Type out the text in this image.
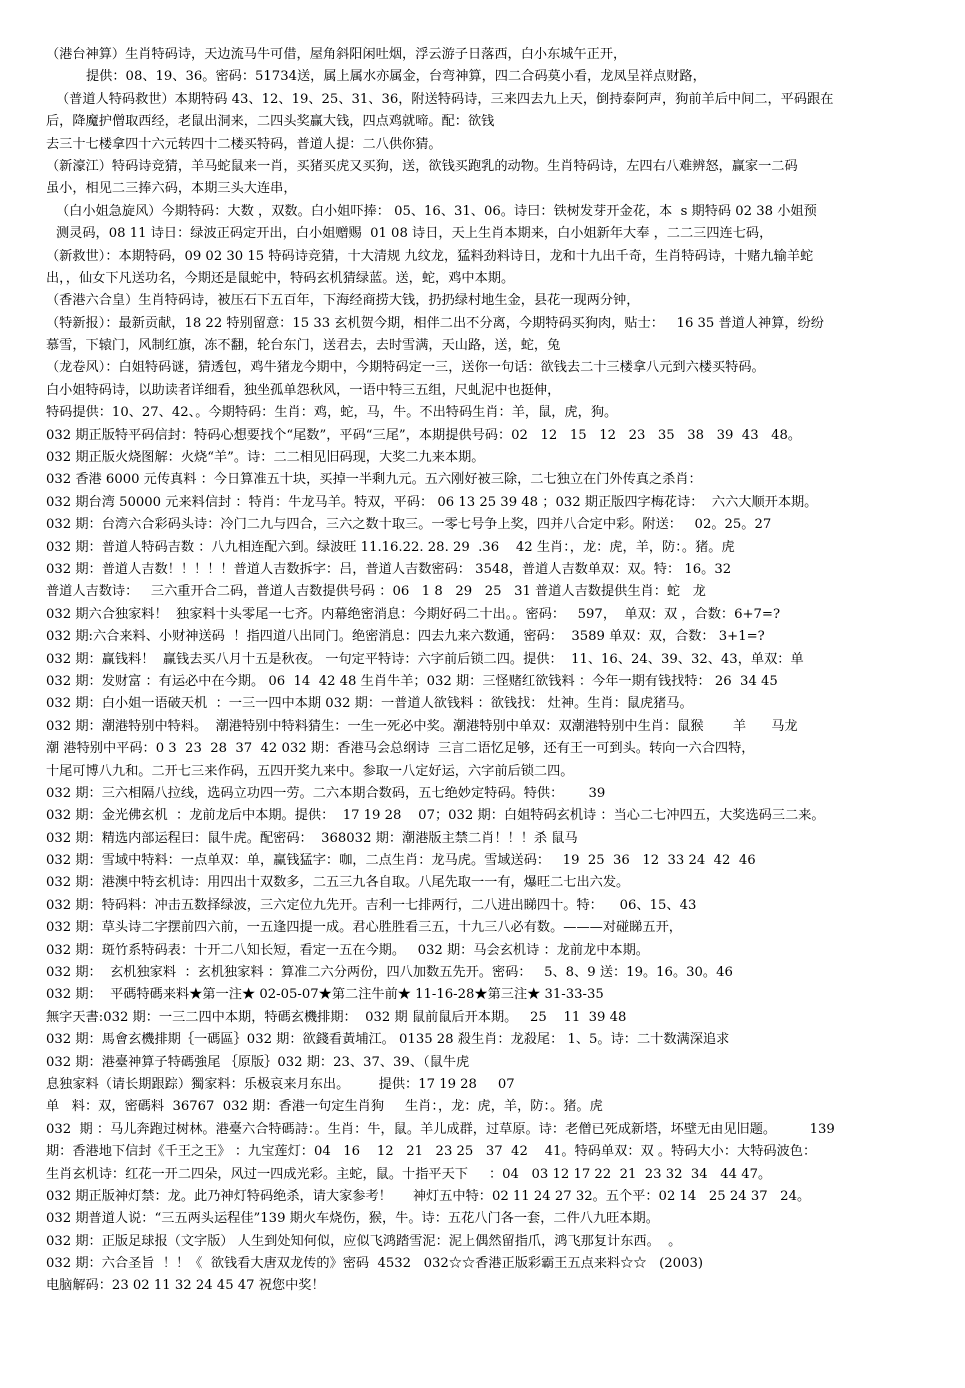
（港台神算）生肖特码诗，天边流马牛可借，屋角斜阳闲吐烟，浮云游子日落西，白小东城午正开，
提供：08、19、36。密码：51734送，属上属水亦属金，台弯神算，四二合码莫小看，龙凤呈祥点财路，
（普道人特码救世）本期特码 43、12、19、25、31、36，附送特码诗，三来四去九上天，倒持泰阿声，狗前羊后中间二，平码跟在
后，降魔护僧取西经，老鼠出洞来，二四头奖赢大钱，四点鸡就啼。配：欲钱
去三十七楼拿四十六元转四十二楼买特码，普道人提：二八供你猜。
（新濠江）特码诗竞猜，羊马蛇鼠来一肖，买猪买虎又买狗，送，欲钱买跑乳的动物。生肖特码诗，左四右八难辨怒，赢家一二码
虽小，相见二三捧六码，本期三头大连串，
（白小姐急旋风）今期特码：大数 ，双数。白小姐吓捧： 05、16、31、06。诗曰：铁树发芽开金花，本  s 期特码 02 38 小姐预
测灵码，08 11 诗日：绿波正码定开出，白小姐赠赐  01 08 诗日，天上生肖本期来，白小姐新年大奉 ，二二三四连七码，
（新救世）：本期特码，09 02 30 15 特码诗竞猜，十大清规 九纹龙，猛料劲料诗日，龙和十九出千奇，生肖特码诗，十赌九输羊蛇
出，，仙女下凡送功名，今期还是鼠蛇中，特码玄机猜绿蓝。送，蛇，鸡中本期。
（香港六合皇）生肖特码诗，被压石下五百年，下海经商捞大钱，扔扔绿村地生金，县花一现两分钟，
（特新报）：最新贡献，18 22 特别留意：15 33 玄机贺今期，相伴二出不分离，今期特码买狗肉，贴士：   16 35 普道人神算，纷纷
慕雪，下辕门，风制红旗，冻不翻，轮台东门，送君去，去时雪满，天山路，送，蛇，兔
（龙卷风）：白姐特码谜，猜透包，鸡牛猪龙今期中，今期特码定一三，送你一句话：欲钱去二十三楼拿八元到六楼买特码。
白小姐特码诗，以助读者详细看，独坐孤单怨秋风，一语中特三五组，尺虬泥中也挺伸，
特码提供：10、27、42、。今期特码：生肖：鸡，蛇，马，牛。不出特码生肖：羊，鼠，虎，狗。
032 期正版特平码信封：特码心想要找个“尾数”，平码“三尾”，本期提供号码：02   12   15   12   23   35   38   39  43   48。
032 期正版火烧图解：火烧“羊”。诗：二二相见旧码现，大奖二九来本期。
032 香港 6000 元传真料 ：今日算准五十块，买掉一半剩九元。五六刚好被三除，二七独立在门外传真之杀肖：
032 期台湾 50000 元来料信封 ：特肖：牛龙马羊。特双，平码： 06 13 25 39 48 ；032 期正版四字梅花诗：  六六大顺开本期。
032 期：台湾六合彩码头诗：冷门二九与四合，三六之数十取三。一零七号争上奖，四并八合定中彩。附送：   02。25。27
032 期：普道人特码吉数 ：八九相连配六到。绿波旺 11.16.22. 28. 29  .36    42 生肖：，龙：虎，羊，防：。猪。虎
032 期：普道人吉数！！！！！普道人吉数拆字：吕，普道人吉数密码： 3548，普道人吉数单双：双。特： 16。32
普道人吉数诗：   三六重开合二码，普道人吉数提供号码 ：06   1 8   29   25   31 普道人吉数提供生肖：蛇   龙
032 期六合独家料！  独家料十头零尾一七齐。内幕绝密消息：今期好码二十出。。密码：   597，  单双：双 ，合数：6+7=?
032 期:六合来料、小财神送码  ！指四道八出同门。绝密消息：四去九来六数通，密码：  3589 单双：双，合数： 3+1=?
032 期：赢钱料！  赢钱去买八月十五是秋夜。 一句定平特诗：六字前后锁二四。提供：  11、16、24、39、32、43，单双：单
032 期：发财富 ：有运必中在今期。 06  14  42 48 生肖牛羊；032 期：三怪赌红欲钱料 ：今年一期有钱找特： 26  34 45
032 期：白小姐一语破天机  ：一三一四中本期 032 期：一普道人欲钱料 ：欲钱找： 灶神。生肖：鼠虎猪马。
032 期：潮港特别中特料。  潮港特别中特料猜生：一生一死必中奖。潮港特别中单双：双潮港特别中生肖：鼠猴       羊      马龙
潮 港特别中平码：0 3  23  28  37  42 032 期：香港马会总纲诗  三言二语忆足够，还有王一可到头。转向一六合四特，
十尾可博八九和。二开七三来作码，五四开奖九来中。参取一八定好运，六字前后锁二四。
032 期：三六相隔八拉线，选码立功四一劳。二六本期合数码，五七绝妙定特码。特供：      39
032 期：金光佛玄机  ：龙前龙后中本期。提供：  17 19 28    07；032 期：白姐特码玄机诗 ：当心二七冲四五，大奖选码三二来。
032 期：精选内部运程曰：鼠牛虎。配密码：  368032 期：潮港版主禁二肖！！！杀 鼠马
032 期：雪域中特料：一点单双：单，赢钱猛字：咖，二点生肖：龙马虎。雪域送码：   19  25  36   12  33 24  42  46
032 期：港澳中特玄机诗：用四出十双数多，二五三九各自取。八尾先取一一有，爆旺二七出六发。
032 期：特码料：冲击五数择绿波，三六定位九先开。吉利一七排两行，二八进出睇四十。特：    06、15、43
032 期：草头诗二字摆前四六前，一五逢四提一成。君心胜胜看三五，十九三八必有数。———对碰睇五开，
032 期：斑竹系特码表：十开二八知长短，看定一五在今期。   032 期：马会玄机诗 ：龙前龙中本期。
032 期：  玄机独家料  ：玄机独家料 ：算准二六分两份，四八加数五先开。密码：   5、8、9 送：19。16。30。46
032 期：  平碼特碼来料★第一注★ 02-05-07★第二注牛前★ 11-16-28★第三注★ 31-33-35
無字天書:032 期：一三二四中本期，特碼玄機排期：  032 期 鼠前鼠后开本期。   25    11  39 48
032 期：馬會玄機排期｛一碼區｝032 期：欲錢看黃埔江。 0135 28 殺生肖：龙殺尾： 1、5。诗：二十数满深追求
032 期：港臺神算子特碼強尾 ｛原版｝032 期：23、37、39、（鼠牛虎
息独家料（请长期跟踪）獨家料：乐极哀来月东出。       提供：17 19 28     07
单   料：双，密碼料  36767  032 期：香港一句定生肖狗     生肖：，龙：虎，羊，防：。猪。虎
032  期 ：马儿奔跑过树林。港臺六合特碼詩：。生肖：牛，鼠。羊儿成群，过草原。诗：老僧已死成新塔，坏壁无由见旧题。        139
期：香港地下信封《千王之王》 ：九宝莲灯：04   16    12   21   23 25   37  42    41。特码单双：双 。特码大小：大特码波色：
生肖玄机诗：红花一开二四朵，风过一四成光彩。主蛇，鼠。十指平天下     ：04   03 12 17 22  21  23 32  34   44 47。
032 期正版神灯禁：龙。此乃神灯特码绝杀，请大家参考！     神灯五中特：02 11 24 27 32。五个平：02 14   25 24 37   24。
032 期普道人说：“三五两头运程佳”139 期火车烧伤，猴，牛。诗：五花八门各一套，二件八九旺本期。
032 期：正版足球报（文字版） 人生到处知何似，应似飞鸿踏雪泥：泥上偶然留指爪，鸿飞那复计东西。  。
032 期：六合圣旨  ！！《  欲钱看大唐双龙传的》密码  4532   032☆☆香港正版彩霸王五点来料☆☆   (2003)
电脑解码：23 02 11 32 24 45 47 祝您中奖！
